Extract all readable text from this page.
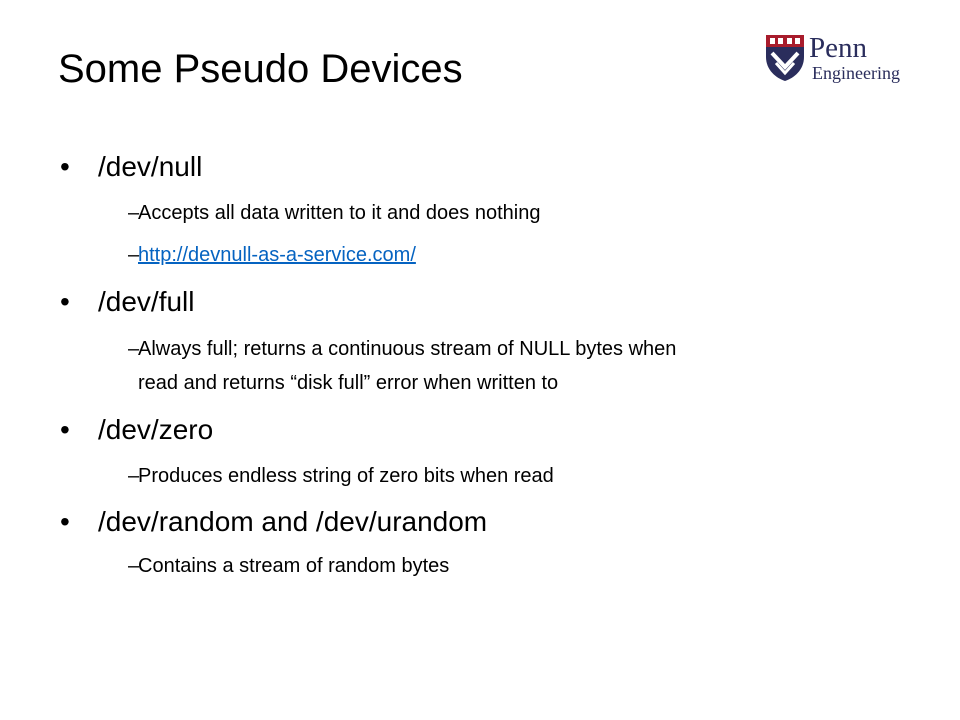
Some Pseudo Devices	Penn
Engineering
• /dev/null
–
Accepts all data written to it and does nothing
–
http://devnull-as-a-service.com/
• /dev/full
–
Always full; returns a continuous stream of NULL bytes when
read and returns “disk full” error when written to
• /dev/zero
–
Produces endless string of zero bits when read
• /dev/random and /dev/urandom
–
Contains a stream of random bytes
